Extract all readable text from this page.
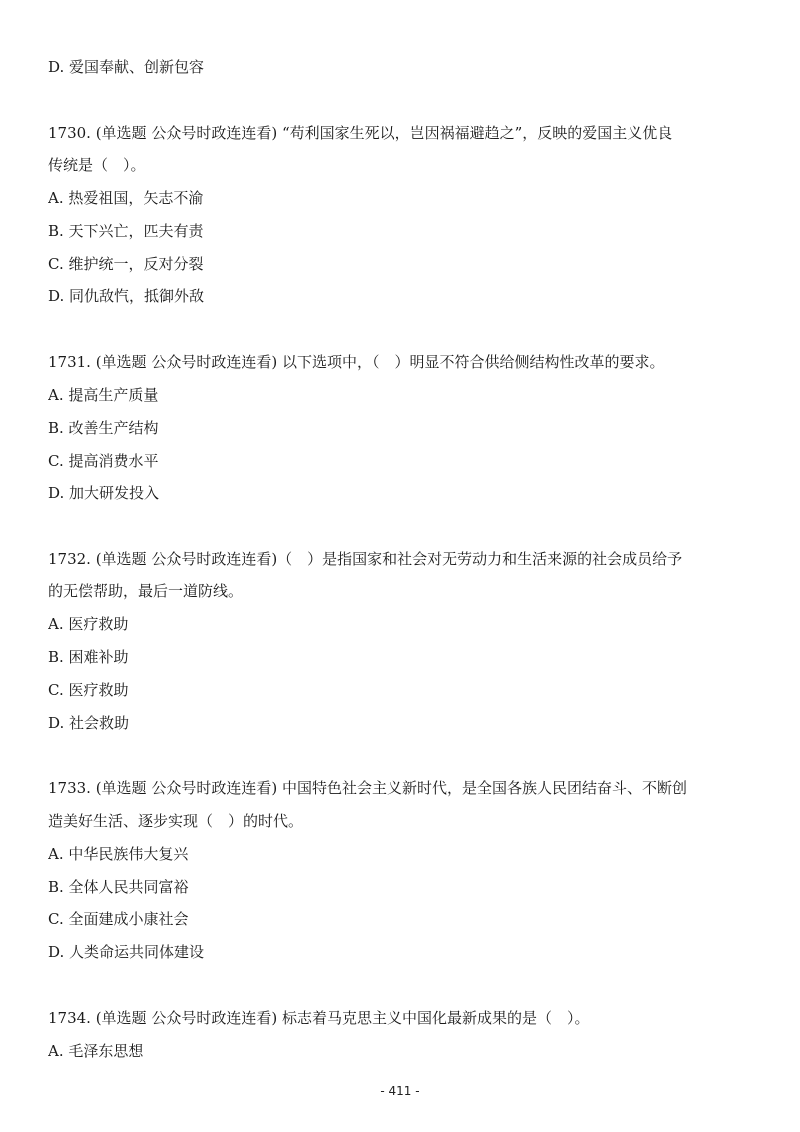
D. 爱国奉献、创新包容
1730. (单选题 公众号时政连连看) “苟利国家生死以，岂因祸福避趋之”，反映的爱国主义优良
传统是（　）。
A. 热爱祖国，矢志不渝
B. 天下兴亡，匹夫有责
C. 维护统一，反对分裂
D. 同仇敌忾，抵御外敌
1731. (单选题 公众号时政连连看) 以下选项中，（　）明显不符合供给侧结构性改革的要求。
A. 提高生产质量
B. 改善生产结构
C. 提高消费水平
D. 加大研发投入
1732. (单选题 公众号时政连连看)（　）是指国家和社会对无劳动力和生活来源的社会成员给予
的无偿帮助，最后一道防线。
A. 医疗救助
B. 困难补助
C. 医疗救助
D. 社会救助
1733. (单选题 公众号时政连连看) 中国特色社会主义新时代，是全国各族人民团结奋斗、不断创
造美好生活、逐步实现（　）的时代。
A. 中华民族伟大复兴
B. 全体人民共同富裕
C. 全面建成小康社会
D. 人类命运共同体建设
1734. (单选题 公众号时政连连看) 标志着马克思主义中国化最新成果的是（　）。
A. 毛泽东思想
- 411 -
